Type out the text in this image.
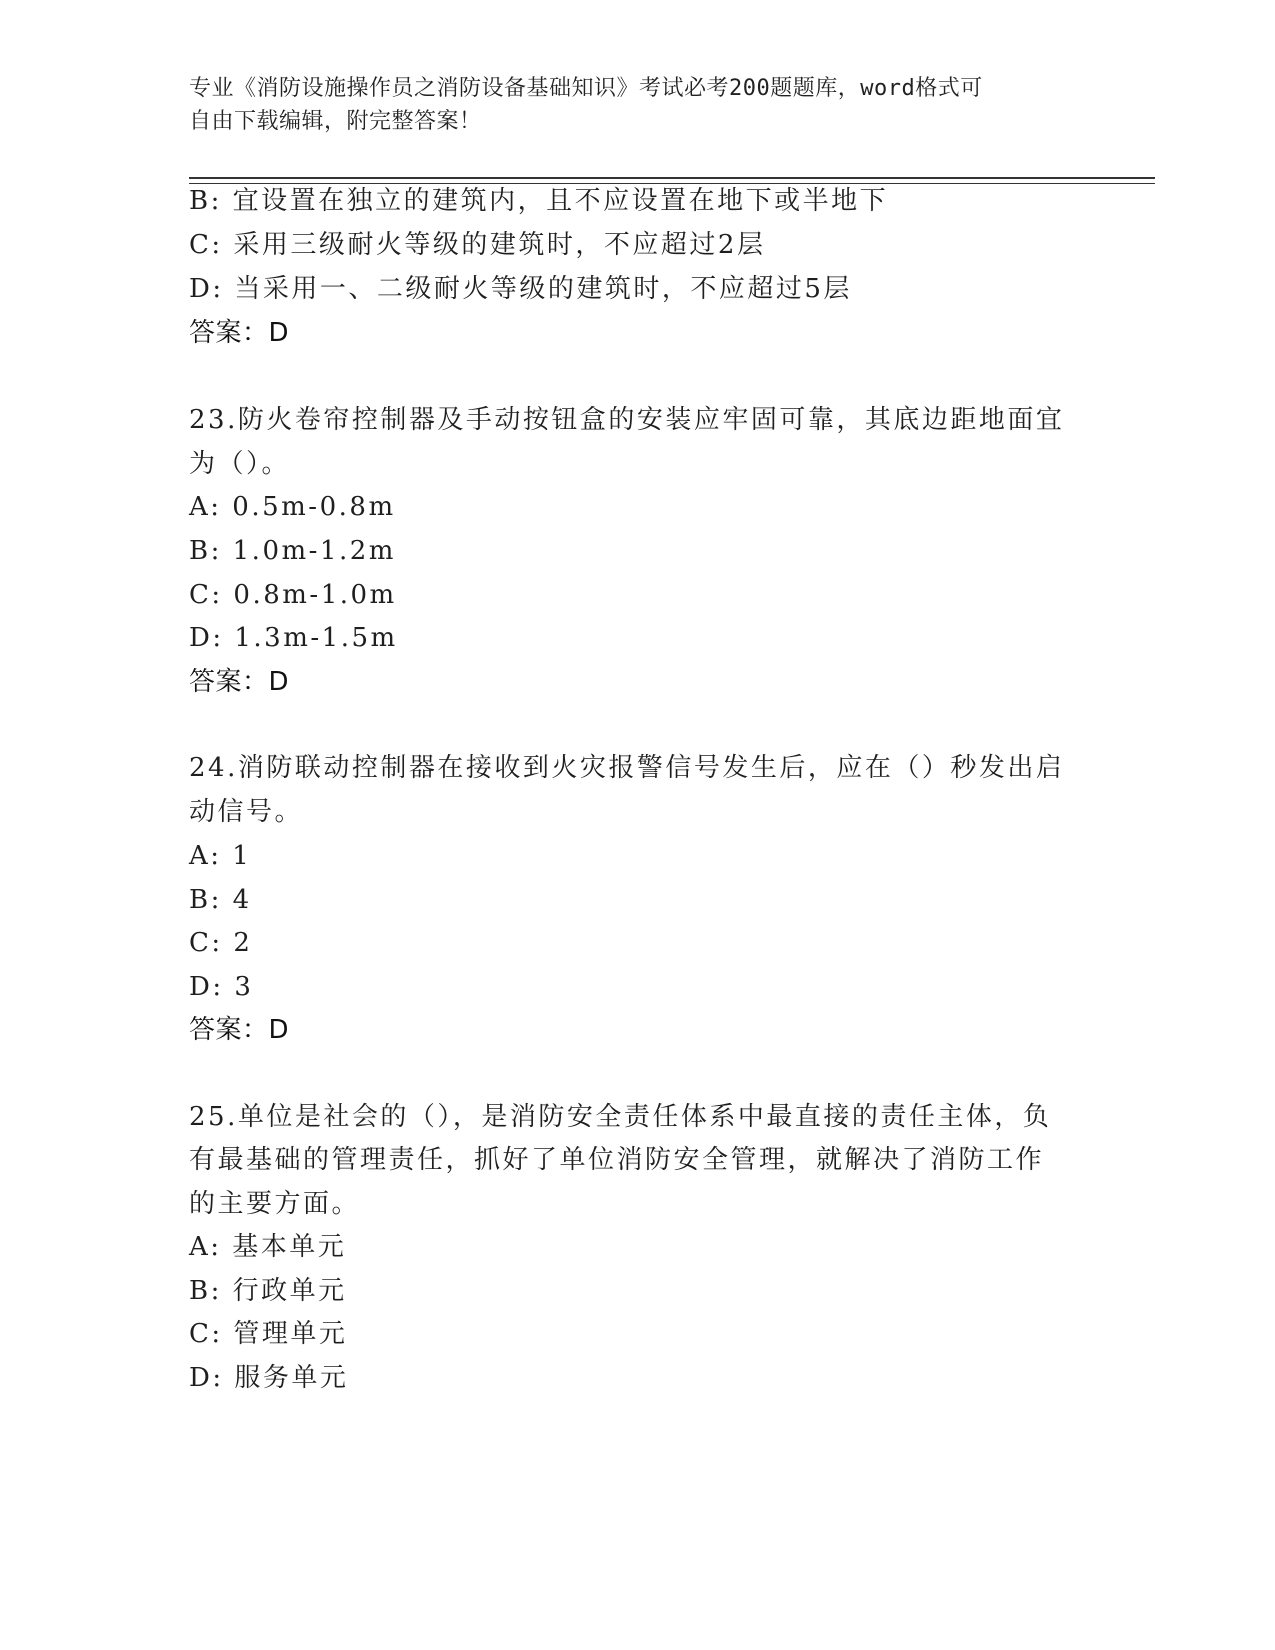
专业《消防设施操作员之消防设备基础知识》考试必考200题题库，word格式可
自由下载编辑，附完整答案！
B: 宜设置在独立的建筑内，且不应设置在地下或半地下
C: 采用三级耐火等级的建筑时，不应超过2层
D: 当采用一、二级耐火等级的建筑时，不应超过5层
答案：D
23.防火卷帘控制器及手动按钮盒的安装应牢固可靠，其底边距地面宜
为（）。
A: 0.5m-0.8m
B: 1.0m-1.2m
C: 0.8m-1.0m
D: 1.3m-1.5m
答案：D
24.消防联动控制器在接收到火灾报警信号发生后，应在（）秒发出启
动信号。
A: 1
B: 4
C: 2
D: 3
答案：D
25.单位是社会的（），是消防安全责任体系中最直接的责任主体，负
有最基础的管理责任，抓好了单位消防安全管理，就解决了消防工作
的主要方面。
A: 基本单元
B: 行政单元
C: 管理单元
D: 服务单元
